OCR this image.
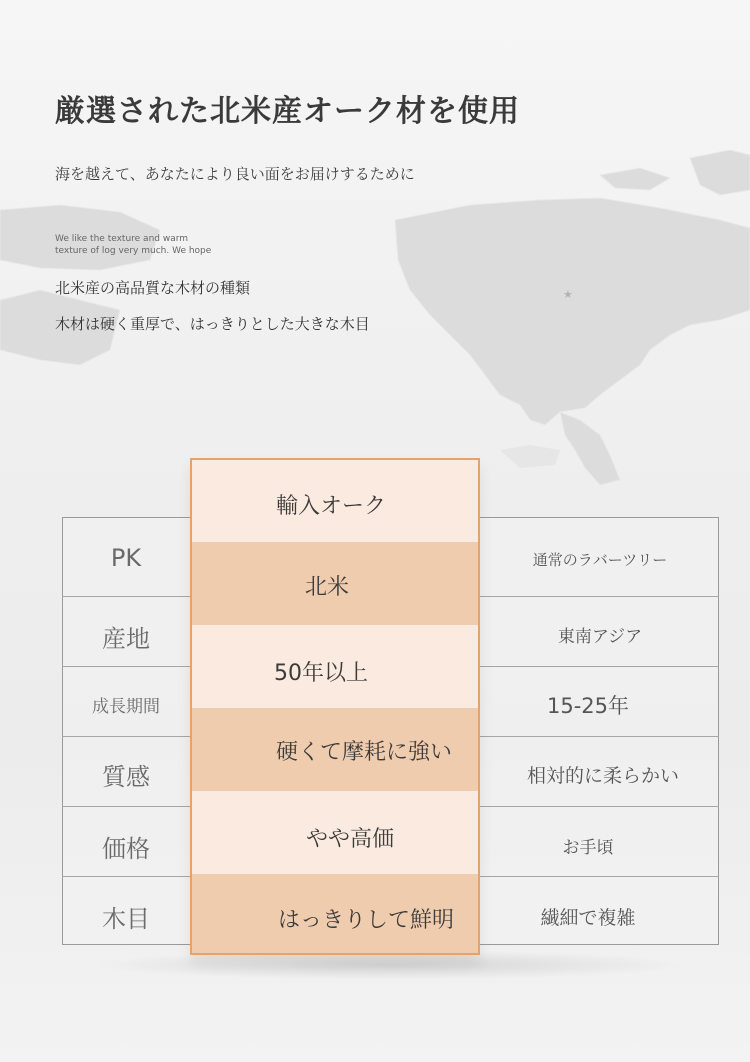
★
厳選された北米産オーク材を使用
海を越えて、あなたにより良い面をお届けするために
We like the texture and warm texture of log very much. We hope
北米産の高品質な木材の種類
木材は硬く重厚で、はっきりとした大きな木目
PK
産地
成長期間
質感
価格
木目
通常のラバーツリー
東南アジア
15-25年
相対的に柔らかい
お手頃
繊細で複雑
輸入オーク
北米
50年以上
硬くて摩耗に強い
やや高価
はっきりして鮮明
